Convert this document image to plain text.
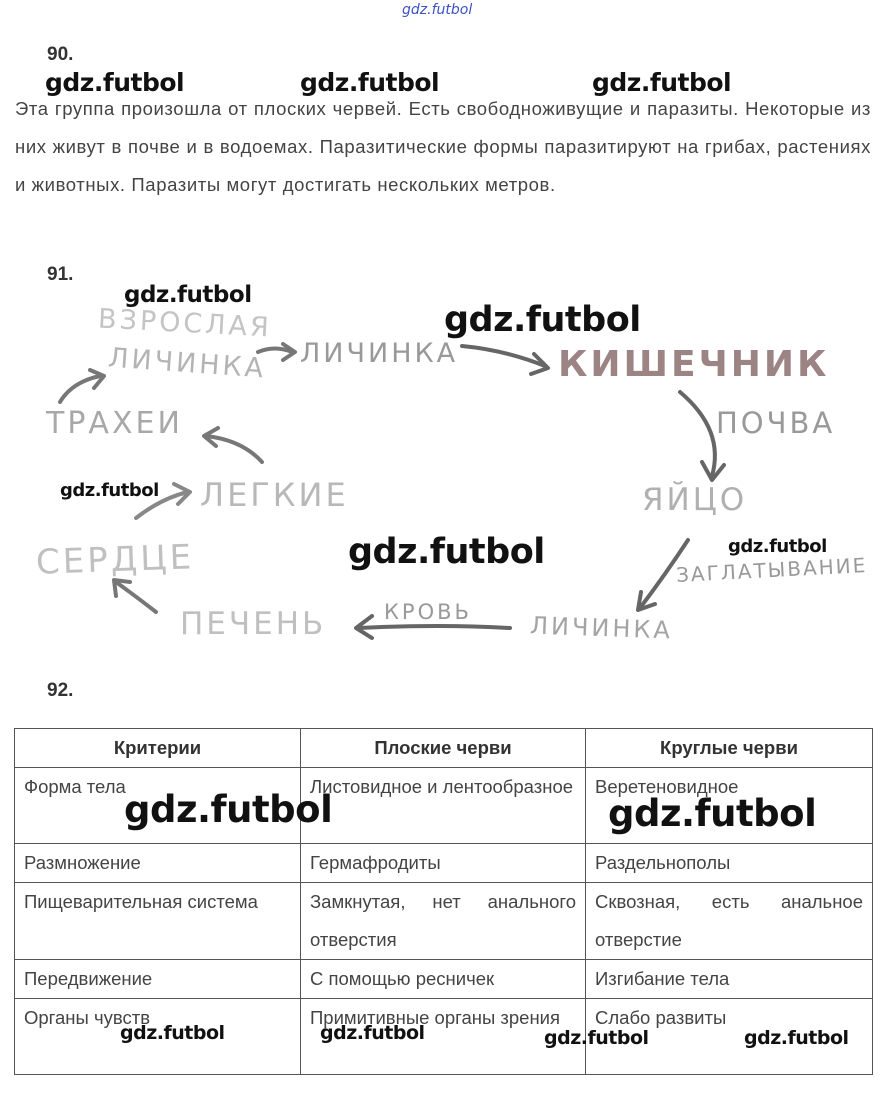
gdz.futbol
90.
Эта группа произошла от плоских червей. Есть свободноживущие и паразиты. Некоторые из них живут в почве и в водоемах. Паразитические формы паразитируют на грибах, растениях и животных. Паразиты могут достигать нескольких метров.
91.
ВЗРОСЛАЯ
ЛИЧИНКА ЛИЧИНКА	КИШЕЧНИК
ПОЧВА
ЯЙЦО
ЗАГЛАТЫВАНИЕ
ЛИЧИНКА
КРОВЬ
ПЕЧЕНЬ
СЕРДЦЕ
ЛЕГКИЕ
ТРАХЕИ
92.
Критерии	Плоские черви	Круглые черви
Форма тела	Листовидное и лентообразное	Веретеновидное
Размножение	Гермафродиты	Раздельнополы
Пищеварительная система	Замкнутая, нет анального отверстия	Сквозная, есть анальное отверстие
Передвижение	С помощью ресничек	Изгибание тела
Органы чувств	Примитивные органы зрения	Слабо развиты
gdz.futbol	gdz.futbol	gdz.futbol
gdz.futbol
gdz.futbol
gdz.futbol
gdz.futbol	gdz.futbol
gdz.futbol	gdz.futbol
gdz.futbol	gdz.futbol	gdz.futbol	gdz.futbol
